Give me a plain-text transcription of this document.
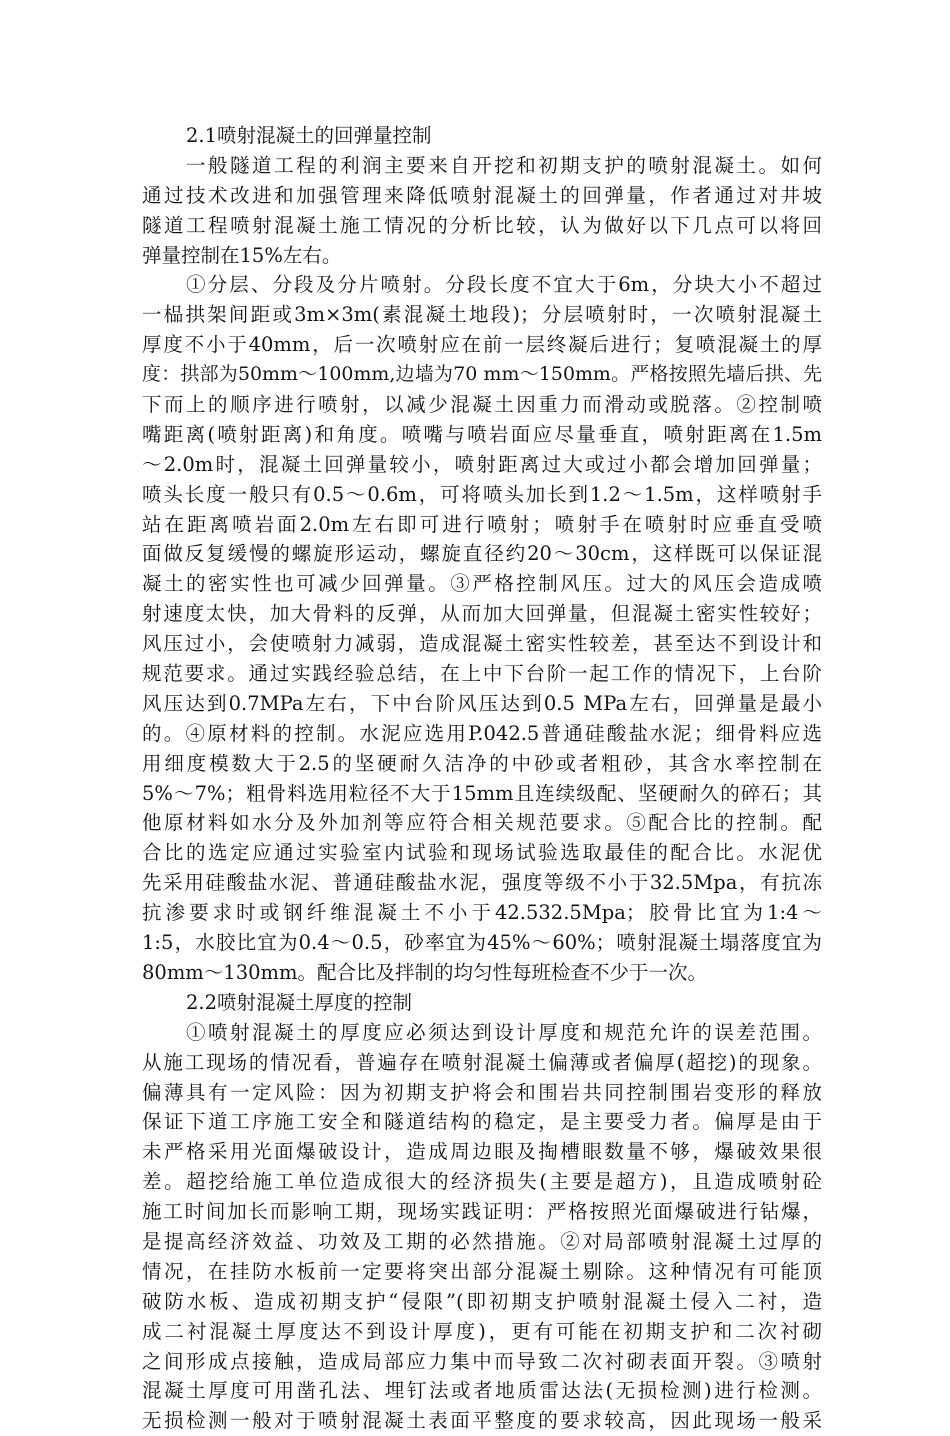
2.1喷射混凝土的回弹量控制
一般隧道工程的利润主要来自开挖和初期支护的喷射混凝土。如何
通过技术改进和加强管理来降低喷射混凝土的回弹量，作者通过对井坡
隧道工程喷射混凝土施工情况的分析比较，认为做好以下几点可以将回
弹量控制在15%左右。
①分层、分段及分片喷射。分段长度不宜大于6m，分块大小不超过
一榀拱架间距或3m×3m(素混凝土地段)；分层喷射时，一次喷射混凝土
厚度不小于40mm，后一次喷射应在前一层终凝后进行；复喷混凝土的厚
度：拱部为50mm～100mm,边墙为70 mm～150mm。严格按照先墙后拱、先
下而上的顺序进行喷射，以减少混凝土因重力而滑动或脱落。②控制喷
嘴距离(喷射距离)和角度。喷嘴与喷岩面应尽量垂直，喷射距离在1.5m
～2.0m时，混凝土回弹量较小，喷射距离过大或过小都会增加回弹量；
喷头长度一般只有0.5～0.6m，可将喷头加长到1.2～1.5m，这样喷射手
站在距离喷岩面2.0m左右即可进行喷射；喷射手在喷射时应垂直受喷
面做反复缓慢的螺旋形运动，螺旋直径约20～30cm，这样既可以保证混
凝土的密实性也可减少回弹量。③严格控制风压。过大的风压会造成喷
射速度太快，加大骨料的反弹，从而加大回弹量，但混凝土密实性较好；
风压过小，会使喷射力减弱，造成混凝土密实性较差，甚至达不到设计和
规范要求。通过实践经验总结，在上中下台阶一起工作的情况下，上台阶
风压达到0.7MPa左右，下中台阶风压达到0.5 MPa左右，回弹量是最小
的。④原材料的控制。水泥应选用P.042.5普通硅酸盐水泥；细骨料应选
用细度模数大于2.5的坚硬耐久洁净的中砂或者粗砂，其含水率控制在
5%～7%；粗骨料选用粒径不大于15mm且连续级配、坚硬耐久的碎石；其
他原材料如水分及外加剂等应符合相关规范要求。⑤配合比的控制。配
合比的选定应通过实验室内试验和现场试验选取最佳的配合比。水泥优
先采用硅酸盐水泥、普通硅酸盐水泥，强度等级不小于32.5Mpa，有抗冻
抗渗要求时或钢纤维混凝土不小于42.532.5Mpa；胶骨比宜为1:4～
1:5，水胶比宜为0.4～0.5，砂率宜为45%～60%；喷射混凝土塌落度宜为
80mm～130mm。配合比及拌制的均匀性每班检查不少于一次。
2.2喷射混凝土厚度的控制
①喷射混凝土的厚度应必须达到设计厚度和规范允许的误差范围。
从施工现场的情况看，普遍存在喷射混凝土偏薄或者偏厚(超挖)的现象。
偏薄具有一定风险：因为初期支护将会和围岩共同控制围岩变形的释放
保证下道工序施工安全和隧道结构的稳定，是主要受力者。偏厚是由于
未严格采用光面爆破设计，造成周边眼及掏槽眼数量不够，爆破效果很
差。超挖给施工单位造成很大的经济损失(主要是超方)，且造成喷射砼
施工时间加长而影响工期，现场实践证明：严格按照光面爆破进行钻爆，
是提高经济效益、功效及工期的必然措施。②对局部喷射混凝土过厚的
情况，在挂防水板前一定要将突出部分混凝土剔除。这种情况有可能顶
破防水板、造成初期支护“侵限”(即初期支护喷射混凝土侵入二衬，造
成二衬混凝土厚度达不到设计厚度)，更有可能在初期支护和二次衬砌
之间形成点接触，造成局部应力集中而导致二次衬砌表面开裂。③喷射
混凝土厚度可用凿孔法、埋钉法或者地质雷达法(无损检测)进行检测。
无损检测一般对于喷射混凝土表面平整度的要求较高，因此现场一般采
